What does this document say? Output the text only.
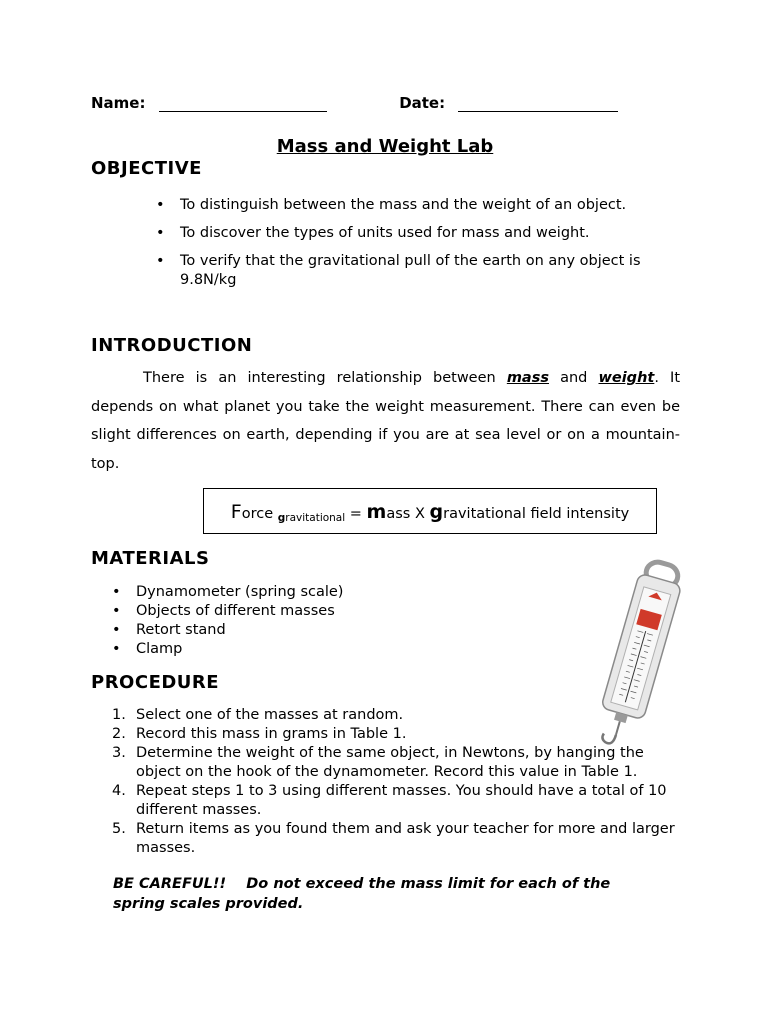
Name:	Date:
Mass and Weight Lab
OBJECTIVE
• To distinguish between the mass and the weight of an object.
• To discover the types of units used for mass and weight.
• To verify that the gravitational pull of the earth on any object is 9.8N/kg
INTRODUCTION
There is an interesting relationship between mass and weight. It depends on what planet you take the weight measurement. There can even be slight differences on earth, depending if you are at sea level or on a mountain-top.
Force $_{gravitational}$ = mass X gravitational field intensity
MATERIALS
• Dynamometer (spring scale)
• Objects of different masses
• Retort stand
• Clamp
PROCEDURE
1. Select one of the masses at random.
2. Record this mass in grams in Table 1.
3. Determine the weight of the same object, in Newtons, by hanging the object on the hook of the dynamometer. Record this value in Table 1.
4. Repeat steps 1 to 3 using different masses. You should have a total of 10 different masses.
5. Return items as you found them and ask your teacher for more and larger masses.
BE CAREFUL!!    Do not exceed the mass limit for each of the spring scales provided.
